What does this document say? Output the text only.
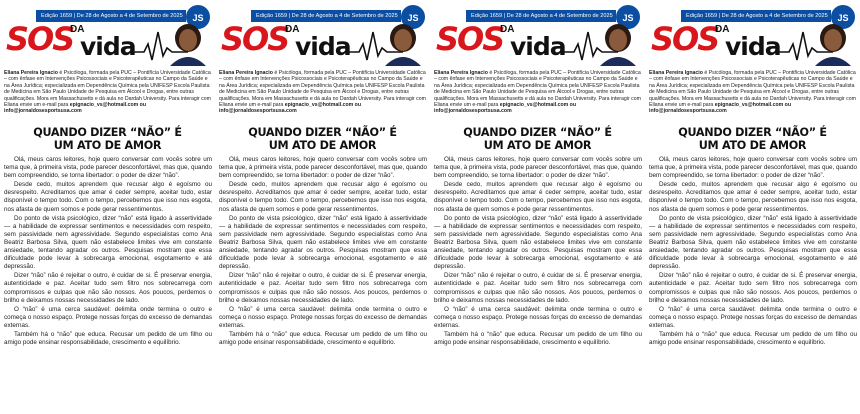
Edição 1659 | De 28 de Agosto a 4 de Setembro de 2025	JS
SOS
DA
vida
Eliana Pereira Ignacio é Psicóloga, formada pela PUC – Pontifícia Universidade Católica – com ênfase em Intervenções Psicossociais e Psicoterapêuticas no Campo da Saúde e na Área Jurídica; especializada em Dependência Química pela UNIFESP Escola Paulista de Medicina em São Paulo Unidade de Pesquisa em Álcool e Drogas, entre outras qualificações. Mora em Massachusetts e dá aula no Dardah University. Para interagir com Eliana envie um e-mail para epignacio_vs@hotmail.com ou info@jornaldosesportsusa.com
QUANDO DIZER “NÃO” É
UM ATO DE AMOR

Olá, meus caros leitores, hoje quero conversar com vocês sobre um tema que, à primeira vista, pode parecer desconfortável, mas que, quando bem compreendido, se torna libertador: o poder de dizer “não”.

Desde cedo, muitos aprendem que recusar algo é egoísmo ou desrespeito. Acreditamos que amar é ceder sempre, aceitar tudo, estar disponível o tempo todo. Com o tempo, percebemos que isso nos esgota, nos afasta de quem somos e pode gerar ressentimentos.

Do ponto de vista psicológico, dizer “não” está ligado à assertividade — a habilidade de expressar sentimentos e necessidades com respeito, sem passividade nem agressividade. Segundo especialistas como Ana Beatriz Barbosa Silva, quem não estabelece limites vive em constante ansiedade, tentando agradar os outros. Pesquisas mostram que essa dificuldade pode levar à sobrecarga emocional, esgotamento e até depressão.

Dizer “não” não é rejeitar o outro, é cuidar de si. É preservar energia, autenticidade e paz. Aceitar tudo sem filtro nos sobrecarrega com compromissos e culpas que não são nossos. Aos poucos, perdemos o brilho e deixamos nossas necessidades de lado.

O “não” é uma cerca saudável: delimita onde termina o outro e começa o nosso espaço. Protege nossas forças do excesso de demandas externas.

Também há o “não” que educa. Recusar um pedido de um filho ou amigo pode ensinar responsabilidade, crescimento e equilíbrio.

Edição 1659 | De 28 de Agosto a 4 de Setembro de 2025	JS
SOS
DA
vida
Eliana Pereira Ignacio é Psicóloga, formada pela PUC – Pontifícia Universidade Católica – com ênfase em Intervenções Psicossociais e Psicoterapêuticas no Campo da Saúde e na Área Jurídica; especializada em Dependência Química pela UNIFESP Escola Paulista de Medicina em São Paulo Unidade de Pesquisa em Álcool e Drogas, entre outras qualificações. Mora em Massachusetts e dá aula no Dardah University. Para interagir com Eliana envie um e-mail para epignacio_vs@hotmail.com ou info@jornaldosesportsusa.com
QUANDO DIZER “NÃO” É
UM ATO DE AMOR

Olá, meus caros leitores, hoje quero conversar com vocês sobre um tema que, à primeira vista, pode parecer desconfortável, mas que, quando bem compreendido, se torna libertador: o poder de dizer “não”.

Desde cedo, muitos aprendem que recusar algo é egoísmo ou desrespeito. Acreditamos que amar é ceder sempre, aceitar tudo, estar disponível o tempo todo. Com o tempo, percebemos que isso nos esgota, nos afasta de quem somos e pode gerar ressentimentos.

Do ponto de vista psicológico, dizer “não” está ligado à assertividade — a habilidade de expressar sentimentos e necessidades com respeito, sem passividade nem agressividade. Segundo especialistas como Ana Beatriz Barbosa Silva, quem não estabelece limites vive em constante ansiedade, tentando agradar os outros. Pesquisas mostram que essa dificuldade pode levar à sobrecarga emocional, esgotamento e até depressão.

Dizer “não” não é rejeitar o outro, é cuidar de si. É preservar energia, autenticidade e paz. Aceitar tudo sem filtro nos sobrecarrega com compromissos e culpas que não são nossos. Aos poucos, perdemos o brilho e deixamos nossas necessidades de lado.

O “não” é uma cerca saudável: delimita onde termina o outro e começa o nosso espaço. Protege nossas forças do excesso de demandas externas.

Também há o “não” que educa. Recusar um pedido de um filho ou amigo pode ensinar responsabilidade, crescimento e equilíbrio.

Edição 1659 | De 28 de Agosto a 4 de Setembro de 2025	JS
SOS
DA
vida
Eliana Pereira Ignacio é Psicóloga, formada pela PUC – Pontifícia Universidade Católica – com ênfase em Intervenções Psicossociais e Psicoterapêuticas no Campo da Saúde e na Área Jurídica; especializada em Dependência Química pela UNIFESP Escola Paulista de Medicina em São Paulo Unidade de Pesquisa em Álcool e Drogas, entre outras qualificações. Mora em Massachusetts e dá aula no Dardah University. Para interagir com Eliana envie um e-mail para epignacio_vs@hotmail.com ou info@jornaldosesportsusa.com
QUANDO DIZER “NÃO” É
UM ATO DE AMOR

Olá, meus caros leitores, hoje quero conversar com vocês sobre um tema que, à primeira vista, pode parecer desconfortável, mas que, quando bem compreendido, se torna libertador: o poder de dizer “não”.

Desde cedo, muitos aprendem que recusar algo é egoísmo ou desrespeito. Acreditamos que amar é ceder sempre, aceitar tudo, estar disponível o tempo todo. Com o tempo, percebemos que isso nos esgota, nos afasta de quem somos e pode gerar ressentimentos.

Do ponto de vista psicológico, dizer “não” está ligado à assertividade — a habilidade de expressar sentimentos e necessidades com respeito, sem passividade nem agressividade. Segundo especialistas como Ana Beatriz Barbosa Silva, quem não estabelece limites vive em constante ansiedade, tentando agradar os outros. Pesquisas mostram que essa dificuldade pode levar à sobrecarga emocional, esgotamento e até depressão.

Dizer “não” não é rejeitar o outro, é cuidar de si. É preservar energia, autenticidade e paz. Aceitar tudo sem filtro nos sobrecarrega com compromissos e culpas que não são nossos. Aos poucos, perdemos o brilho e deixamos nossas necessidades de lado.

O “não” é uma cerca saudável: delimita onde termina o outro e começa o nosso espaço. Protege nossas forças do excesso de demandas externas.

Também há o “não” que educa. Recusar um pedido de um filho ou amigo pode ensinar responsabilidade, crescimento e equilíbrio.

Edição 1659 | De 28 de Agosto a 4 de Setembro de 2025	JS
SOS
DA
vida
Eliana Pereira Ignacio é Psicóloga, formada pela PUC – Pontifícia Universidade Católica – com ênfase em Intervenções Psicossociais e Psicoterapêuticas no Campo da Saúde e na Área Jurídica; especializada em Dependência Química pela UNIFESP Escola Paulista de Medicina em São Paulo Unidade de Pesquisa em Álcool e Drogas, entre outras qualificações. Mora em Massachusetts e dá aula no Dardah University. Para interagir com Eliana envie um e-mail para epignacio_vs@hotmail.com ou info@jornaldosesportsusa.com
QUANDO DIZER “NÃO” É
UM ATO DE AMOR

Olá, meus caros leitores, hoje quero conversar com vocês sobre um tema que, à primeira vista, pode parecer desconfortável, mas que, quando bem compreendido, se torna libertador: o poder de dizer “não”.

Desde cedo, muitos aprendem que recusar algo é egoísmo ou desrespeito. Acreditamos que amar é ceder sempre, aceitar tudo, estar disponível o tempo todo. Com o tempo, percebemos que isso nos esgota, nos afasta de quem somos e pode gerar ressentimentos.

Do ponto de vista psicológico, dizer “não” está ligado à assertividade — a habilidade de expressar sentimentos e necessidades com respeito, sem passividade nem agressividade. Segundo especialistas como Ana Beatriz Barbosa Silva, quem não estabelece limites vive em constante ansiedade, tentando agradar os outros. Pesquisas mostram que essa dificuldade pode levar à sobrecarga emocional, esgotamento e até depressão.

Dizer “não” não é rejeitar o outro, é cuidar de si. É preservar energia, autenticidade e paz. Aceitar tudo sem filtro nos sobrecarrega com compromissos e culpas que não são nossos. Aos poucos, perdemos o brilho e deixamos nossas necessidades de lado.

O “não” é uma cerca saudável: delimita onde termina o outro e começa o nosso espaço. Protege nossas forças do excesso de demandas externas.

Também há o “não” que educa. Recusar um pedido de um filho ou amigo pode ensinar responsabilidade, crescimento e equilíbrio.
